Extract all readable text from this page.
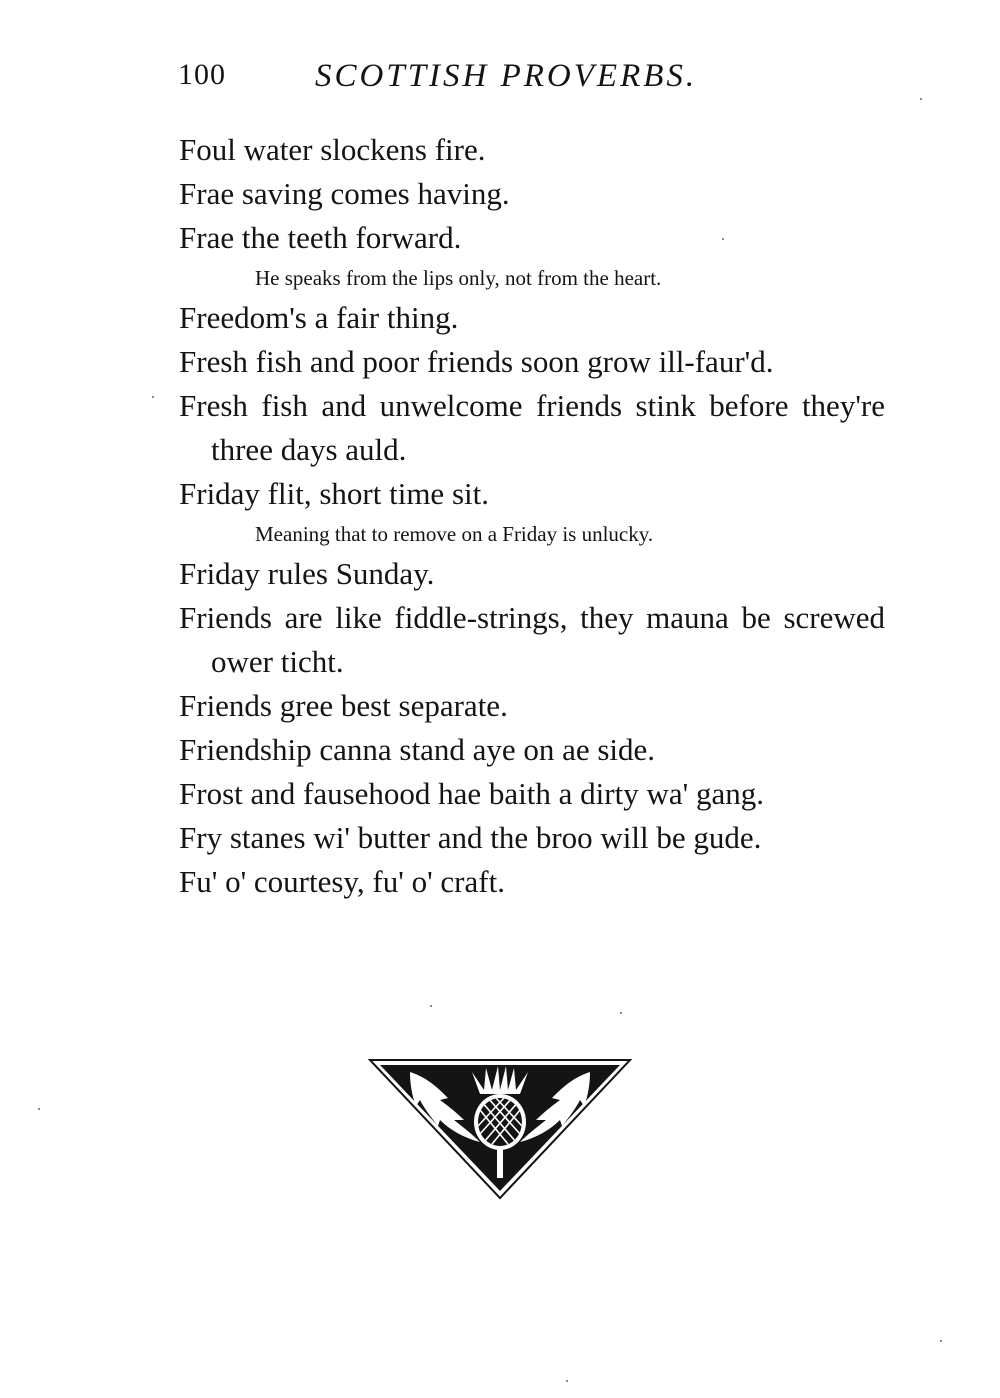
100	SCOTTISH PROVERBS.
Foul water slockens fire.
Frae saving comes having.
Frae the teeth forward.
He speaks from the lips only, not from the heart.
Freedom's a fair thing.
Fresh fish and poor friends soon grow ill-faur'd.
Fresh fish and unwelcome friends stink before they're three days auld.
Friday flit, short time sit.
Meaning that to remove on a Friday is unlucky.
Friday rules Sunday.
Friends are like fiddle-strings, they mauna be screwed ower ticht.
Friends gree best separate.
Friendship canna stand aye on ae side.
Frost and fausehood hae baith a dirty wa' gang.
Fry stanes wi' butter and the broo will be gude.
Fu' o' courtesy, fu' o' craft.
